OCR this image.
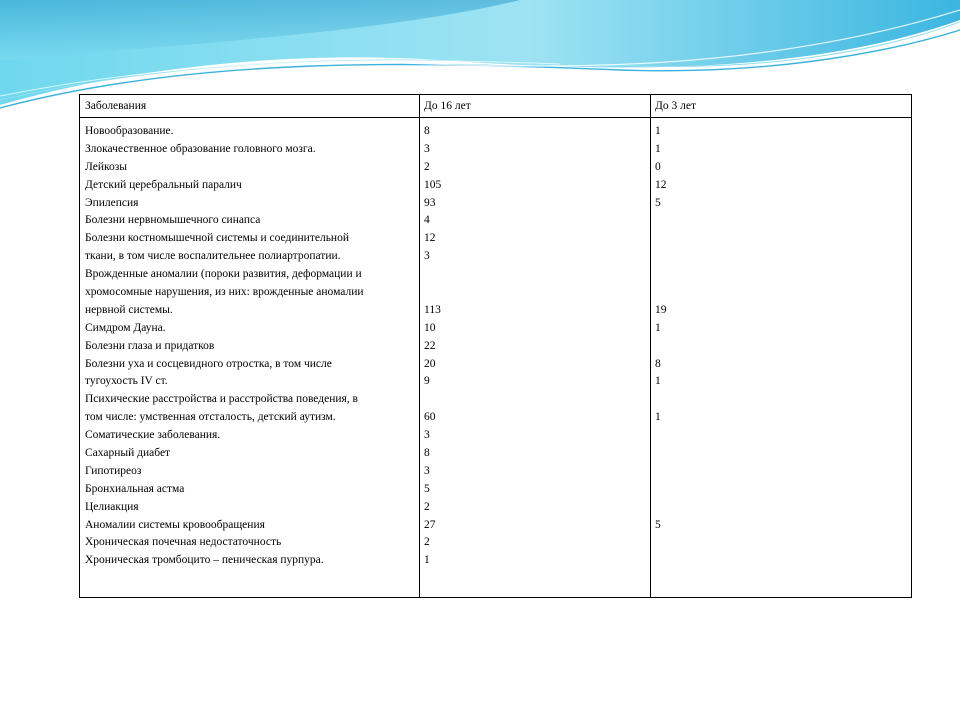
Заболевания	До 16 лет	До 3 лет
Новообразование.
Злокачественное образование головного мозга.
Лейкозы
Детский церебральный паралич
Эпилепсия
Болезни нервномышечного синапса
Болезни костномышечной системы и соединительной
ткани, в том числе воспалительнее полиартропатии.
Врожденные аномалии (пороки развития, деформации и
хромосомные нарушения, из них: врожденные аномалии
нервной системы.
Симдром Дауна.
Болезни глаза и придатков
Болезни уха и сосцевидного отростка, в том числе
тугоухость IV ст.
Психические расстройства и расстройства поведения, в
том числе: умственная отсталость, детский аутизм.
Соматические заболевания.
Сахарный диабет
Гипотиреоз
Бронхиальная астма
Целиакция
Аномалии системы кровообращения
Хроническая почечная недостаточность
Хроническая тромбоцито – пеническая пурпура.
8
3
2
105
93
4
12
3
113
10
22
20
9
60
3
8
3
5
2
27
2
1
1
1
0
12
5
19
1
8
1
1
5
